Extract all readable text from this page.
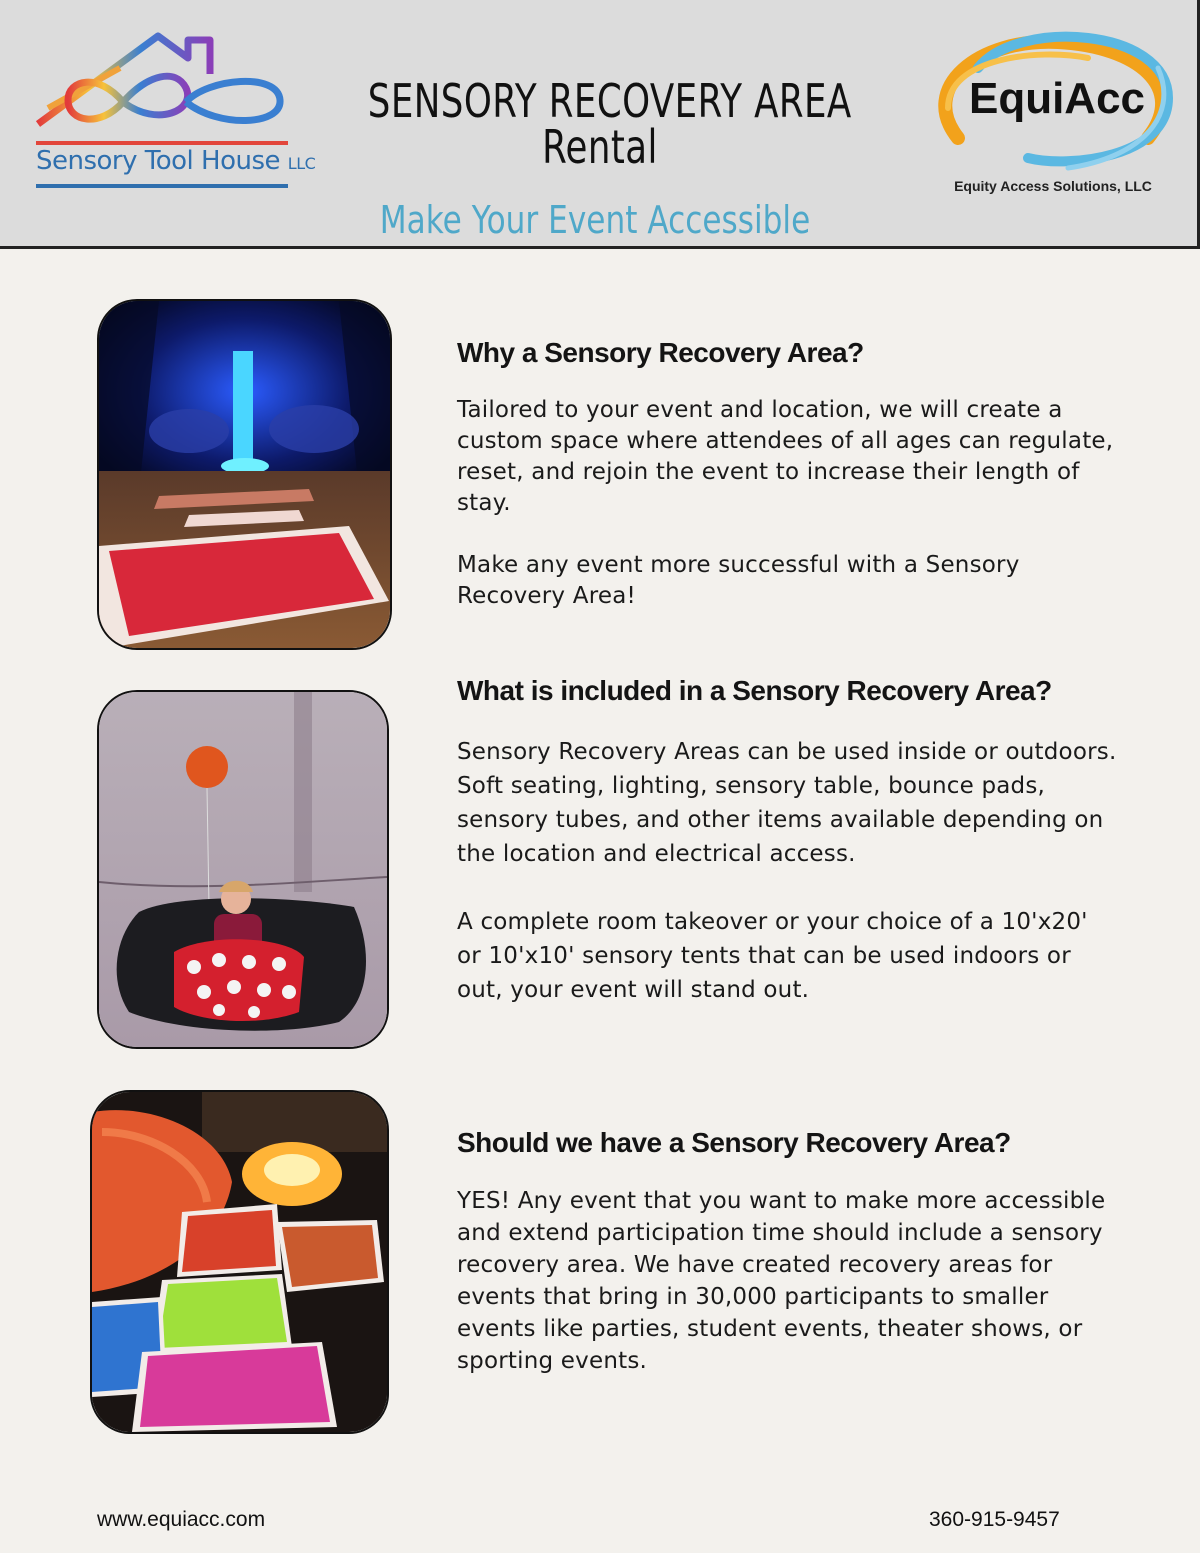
Sensory Tool House LLC
SENSORY RECOVERY AREA
Rental
Make Your Event Accessible
EquiAcc
Equity Access Solutions, LLC
Why a Sensory Recovery Area?

Tailored to your event and location, we will create a custom space where attendees of all ages can regulate, reset, and rejoin the event to increase their length of stay.

Make any event more successful with a Sensory Recovery Area!

What is included in a Sensory Recovery Area?

Sensory Recovery Areas can be used inside or outdoors. Soft seating, lighting, sensory table, bounce pads, sensory tubes, and other items available depending on the location and electrical access.

A complete room takeover or your choice of a 10'x20' or 10'x10' sensory tents that can be used indoors or out, your event will stand out.

Should we have a Sensory Recovery Area?

YES! Any event that you want to make more accessible and extend participation time should include a sensory recovery area. We have created recovery areas for events that bring in 30,000 participants to smaller events like parties, student events, theater shows, or sporting events.

www.equiacc.com	360-915-9457
